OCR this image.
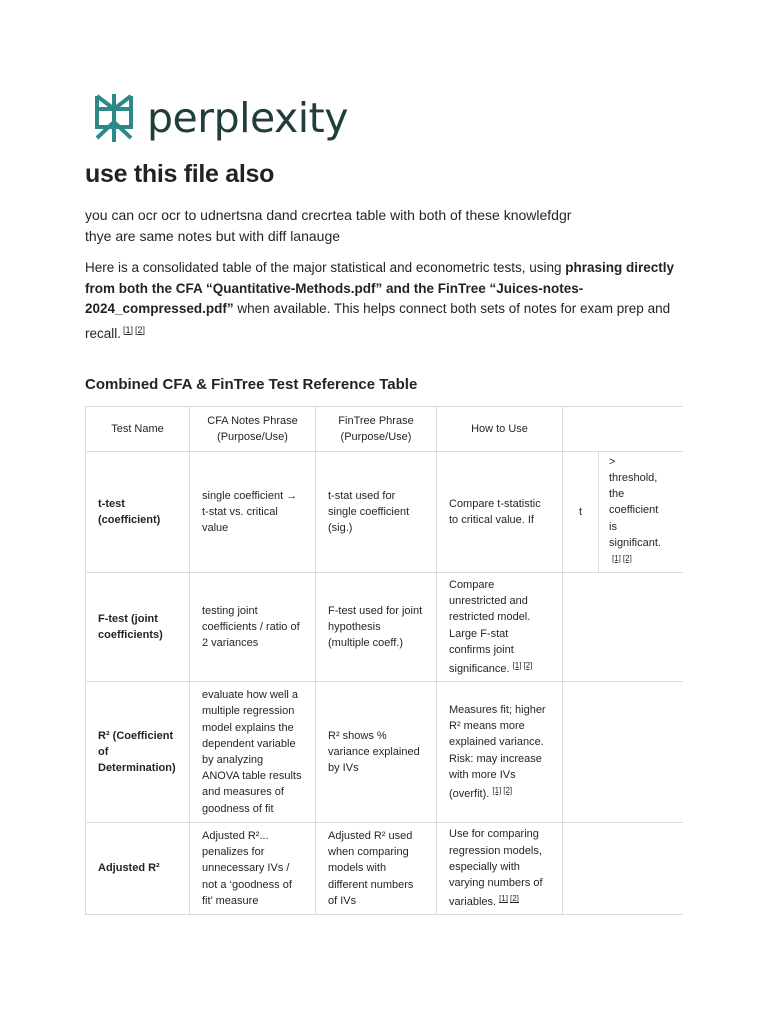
perplexity
use this file also

you can ocr ocr to udnertsna dand crecrtea table with both of these knowlefdgr
thye are same notes but with diff lanauge

Here is a consolidated table of the major statistical and econometric tests, using phrasing directly from both the CFA “Quantitative-Methods.pdf” and the FinTree “Juices-notes-2024_compressed.pdf” when available. This helps connect both sets of notes for exam prep and recall. [1] [2]

Combined CFA & FinTree Test Reference Table
Test Name	CFA Notes Phrase (Purpose/Use)	FinTree Phrase (Purpose/Use)	How to Use		
t-test (coefficient)	single coefficient → t-stat vs. critical value	t-stat used for single coefficient (sig.)	Compare t-statistic to critical value. If	t	> threshold, the coefficient is significant.[1] [2]

F-test (joint coefficients)	testing joint coefficients / ratio of 2 variances	F-test used for joint hypothesis (multiple coeff.)	Compare unrestricted and restricted model. Large F-stat confirms joint significance. [1] [2]	
R² (Coefficient of Determination)	evaluate how well a multiple regression model explains the dependent variable by analyzing ANOVA table results and measures of goodness of fit	R² shows % variance explained by IVs	Measures fit; higher R² means more explained variance. Risk: may increase with more IVs (overfit). [1] [2]	
Adjusted R²	Adjusted R²... penalizes for unnecessary IVs / not a ‘goodness of fit’ measure	Adjusted R² used when comparing models with different numbers of IVs	Use for comparing regression models, especially with varying numbers of variables. [1] [2]	
